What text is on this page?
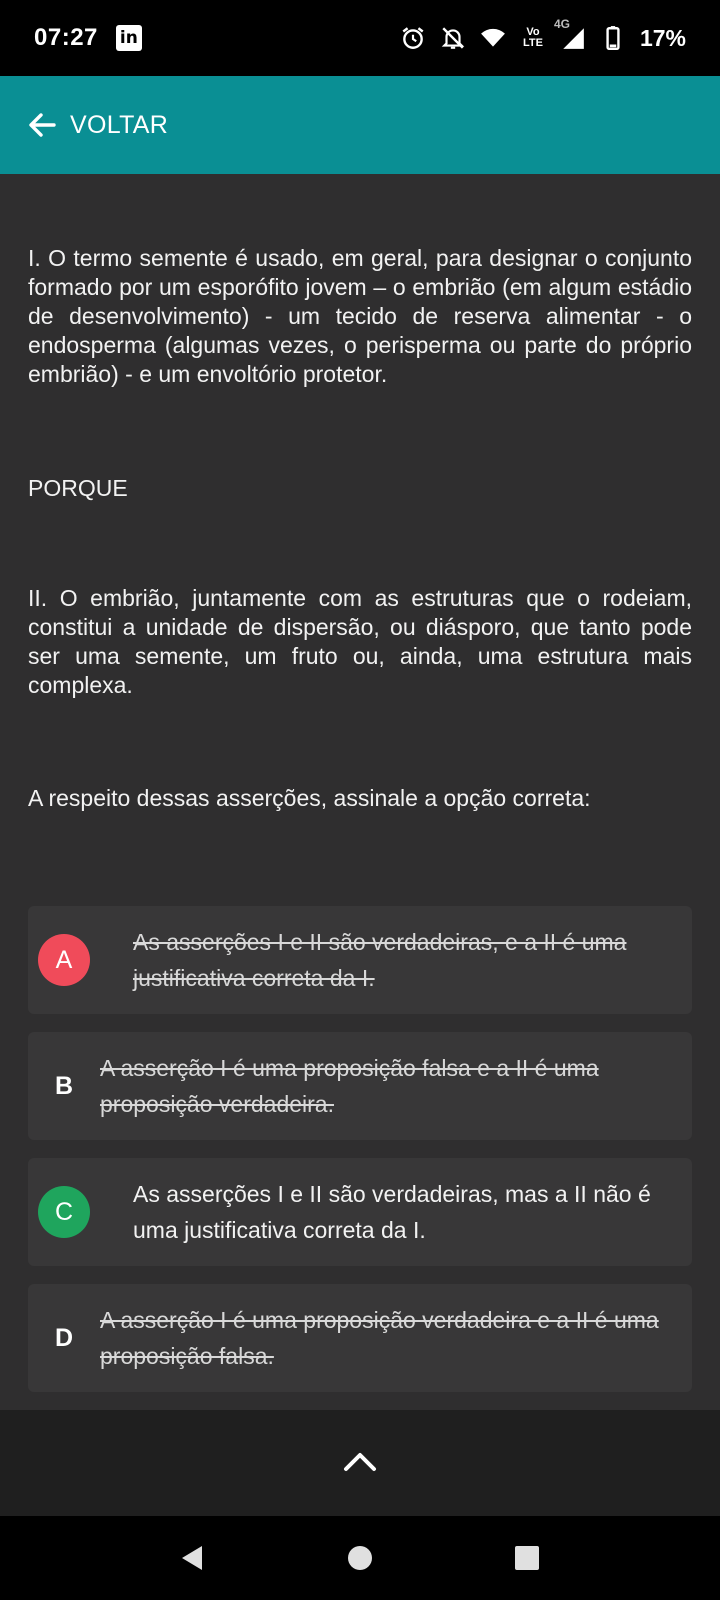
07:27 in	Vo
LTE
4G
17%
VOLTAR

I. O termo semente é usado, em geral, para designar o conjunto formado por um esporófito jovem – o embrião (em algum estádio de desenvolvimento) - um tecido de reserva alimentar - o endosperma (algumas vezes, o perisperma ou parte do próprio embrião) - e um envoltório protetor.

PORQUE

II. O embrião, juntamente com as estruturas que o rodeiam, constitui a unidade de dispersão, ou diásporo, que tanto pode ser uma semente, um fruto ou, ainda, uma estrutura mais complexa.

A respeito dessas asserções, assinale a opção correta:

A
As asserções I e II são verdadeiras, e a II é uma justificativa correta da I.
B
A asserção I é uma proposição falsa e a II é uma proposição verdadeira.
C
As asserções I e II são verdadeiras, mas a II não é uma justificativa correta da I.
D
A asserção I é uma proposição verdadeira e a II é uma proposição falsa.
